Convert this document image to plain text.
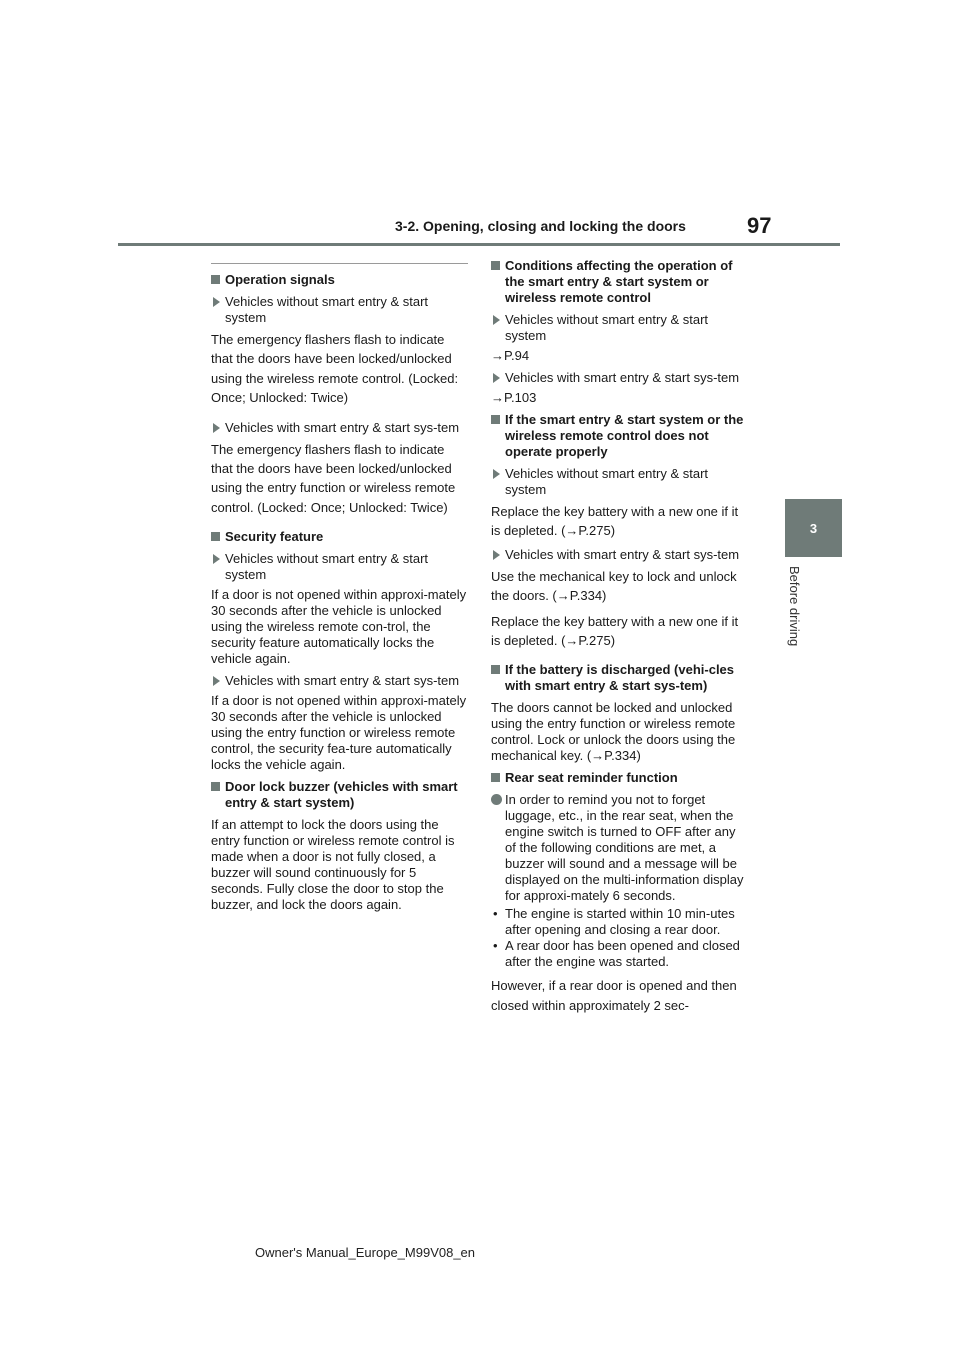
3-2. Opening, closing and locking the doors	97
3
Before driving
Operation signals
Vehicles without smart entry & start system
The emergency flashers flash to indicate that the doors have been locked/unlocked using the wireless remote control. (Locked: Once; Unlocked: Twice)
Vehicles with smart entry & start sys-tem
The emergency flashers flash to indicate that the doors have been locked/unlocked using the entry function or wireless remote control. (Locked: Once; Unlocked: Twice)
Security feature
Vehicles without smart entry & start system
If a door is not opened within approxi-mately 30 seconds after the vehicle is unlocked using the wireless remote con-trol, the security feature automatically locks the vehicle again.
Vehicles with smart entry & start sys-tem
If a door is not opened within approxi-mately 30 seconds after the vehicle is unlocked using the entry function or wireless remote control, the security fea-ture automatically locks the vehicle again.
Door lock buzzer (vehicles with smart entry & start system)
If an attempt to lock the doors using the entry function or wireless remote control is made when a door is not fully closed, a buzzer will sound continuously for 5 seconds. Fully close the door to stop the buzzer, and lock the doors again.
Conditions affecting the operation of the smart entry & start system or wireless remote control
Vehicles without smart entry & start system
→P.94
Vehicles with smart entry & start sys-tem
→P.103
If the smart entry & start system or the wireless remote control does not operate properly
Vehicles without smart entry & start system
Replace the key battery with a new one if it is depleted. (→P.275)
Vehicles with smart entry & start sys-tem
Use the mechanical key to lock and unlock the doors. (→P.334)
Replace the key battery with a new one if it is depleted. (→P.275)
If the battery is discharged (vehi-cles with smart entry & start sys-tem)
The doors cannot be locked and unlocked using the entry function or wireless remote control. Lock or unlock the doors using the mechanical key. (→P.334)
Rear seat reminder function
In order to remind you not to forget luggage, etc., in the rear seat, when the engine switch is turned to OFF after any of the following conditions are met, a buzzer will sound and a message will be displayed on the multi-information display for approxi-mately 6 seconds.
• The engine is started within 10 min-utes after opening and closing a rear door.
• A rear door has been opened and closed after the engine was started.
However, if a rear door is opened and then closed within approximately 2 sec-
Owner's Manual_Europe_M99V08_en
